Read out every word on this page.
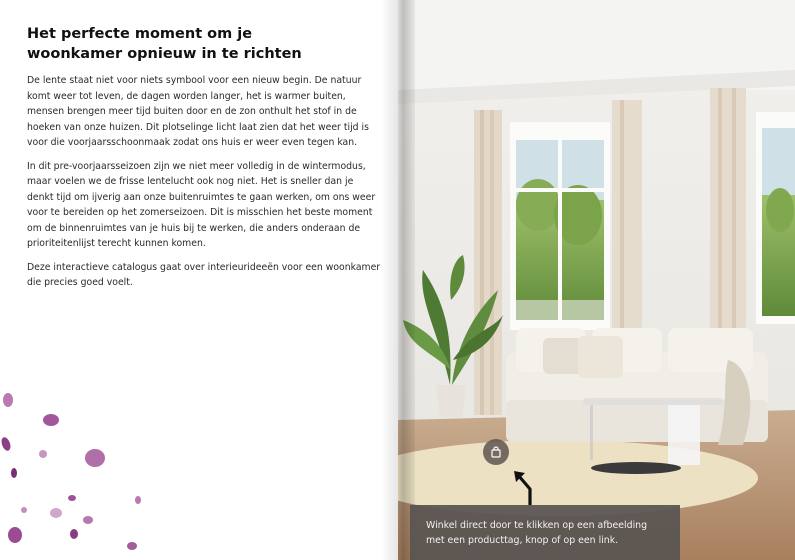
Het perfecte moment om je woonkamer opnieuw in te richten

De lente staat niet voor niets symbool voor een nieuw begin. De natuur komt weer tot leven, de dagen worden langer, het is warmer buiten, mensen brengen meer tijd buiten door en de zon onthult het stof in de hoeken van onze huizen. Dit plotselinge licht laat zien dat het weer tijd is voor die voorjaarsschoonmaak zodat ons huis er weer even tegen kan.

In dit pre-voorjaarsseizoen zijn we niet meer volledig in de wintermodus, maar voelen we de frisse lentelucht ook nog niet. Het is sneller dan je denkt tijd om ijverig aan onze buitenruimtes te gaan werken, om ons weer voor te bereiden op het zomerseizoen. Dit is misschien het beste moment om de binnenruimtes van je huis bij te werken, die anders onderaan de prioriteitenlijst terecht kunnen komen.

Deze interactieve catalogus gaat over interieurideeën voor een woonkamer die precies goed voelt.

Winkel direct door te klikken op een afbeelding met een producttag, knop of op een link.
